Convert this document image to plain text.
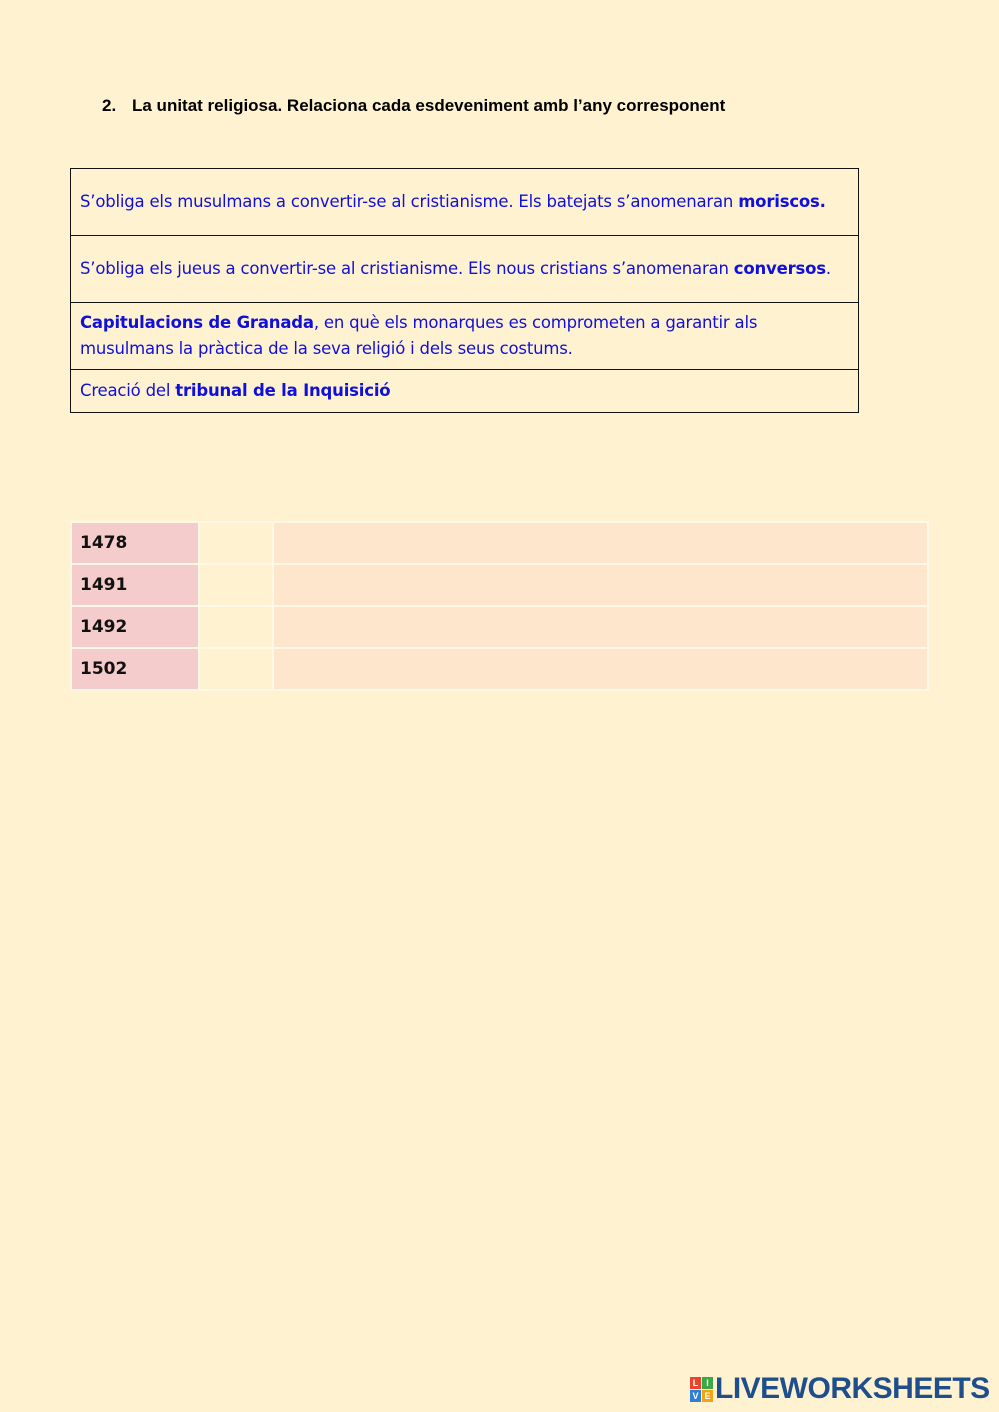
2. La unitat religiosa. Relaciona cada esdeveniment amb l’any corresponent
S’obliga els musulmans a convertir-se al cristianisme. Els batejats s’anomenaran moriscos.
S’obliga els jueus a convertir-se al cristianisme. Els nous cristians s’anomenaran conversos.
Capitulacions de Granada, en què els monarques es comprometen a garantir als musulmans la pràctica de la seva religió i dels seus costums.
Creació del tribunal de la Inquisició
1478		
1491		
1492		
1502		
L I
V E LIVEWORKSHEETS
